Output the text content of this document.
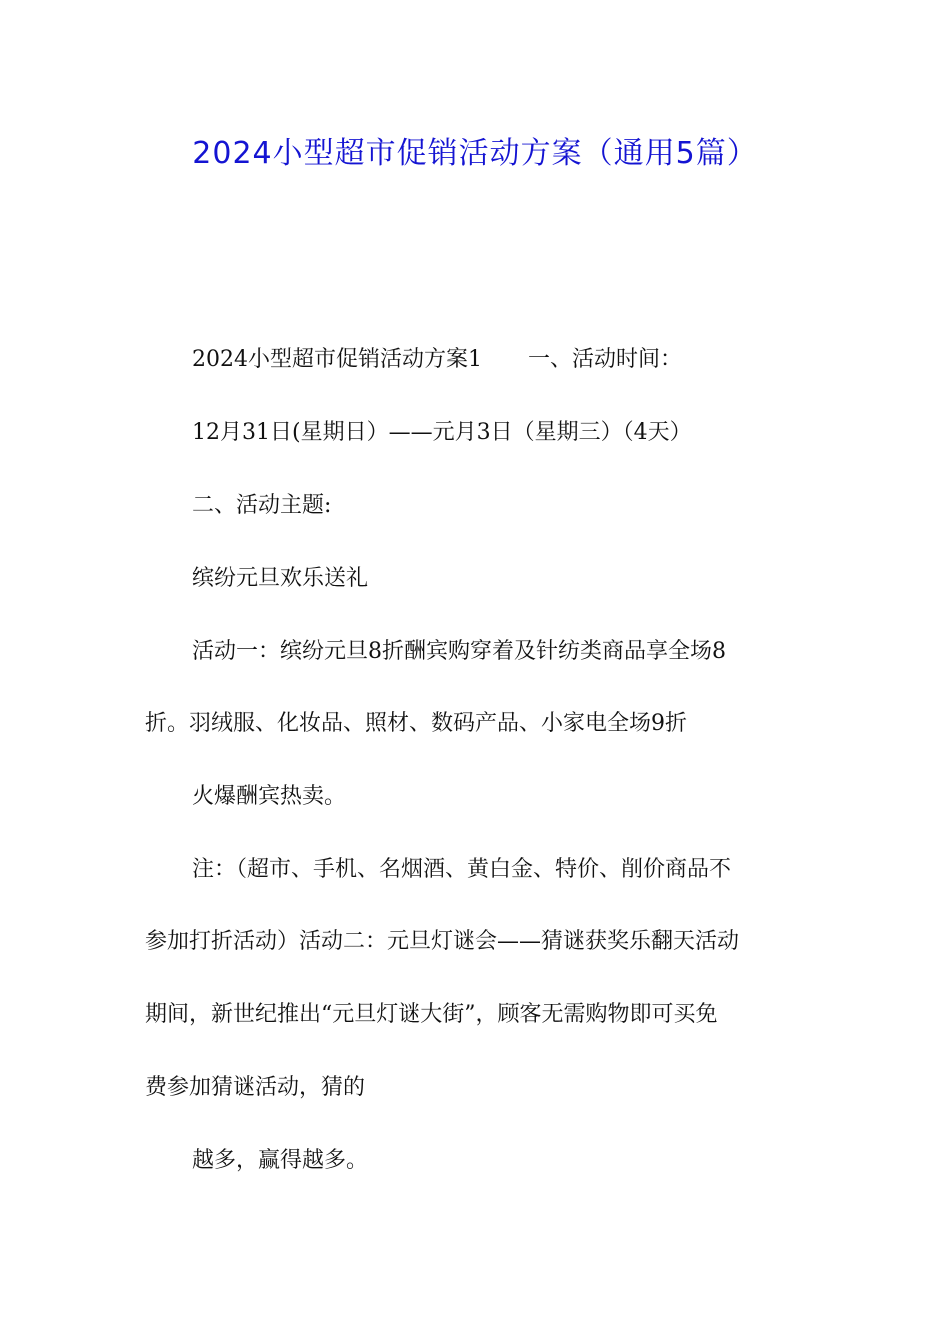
2024小型超市促销活动方案（通用5篇）
2024小型超市促销活动方案1 一、活动时间：
12月31日(星期日）——元月3日（星期三）（4天）
二、活动主题:
缤纷元旦欢乐送礼
活动一：缤纷元旦8折酬宾购穿着及针纺类商品享全场8
折。羽绒服、化妆品、照材、数码产品、小家电全场9折
火爆酬宾热卖。
注：（超市、手机、名烟酒、黄白金、特价、削价商品不
参加打折活动）活动二：元旦灯谜会——猜谜获奖乐翻天活动
期间，新世纪推出“元旦灯谜大街”，顾客无需购物即可买免
费参加猜谜活动，猜的
越多，赢得越多。
